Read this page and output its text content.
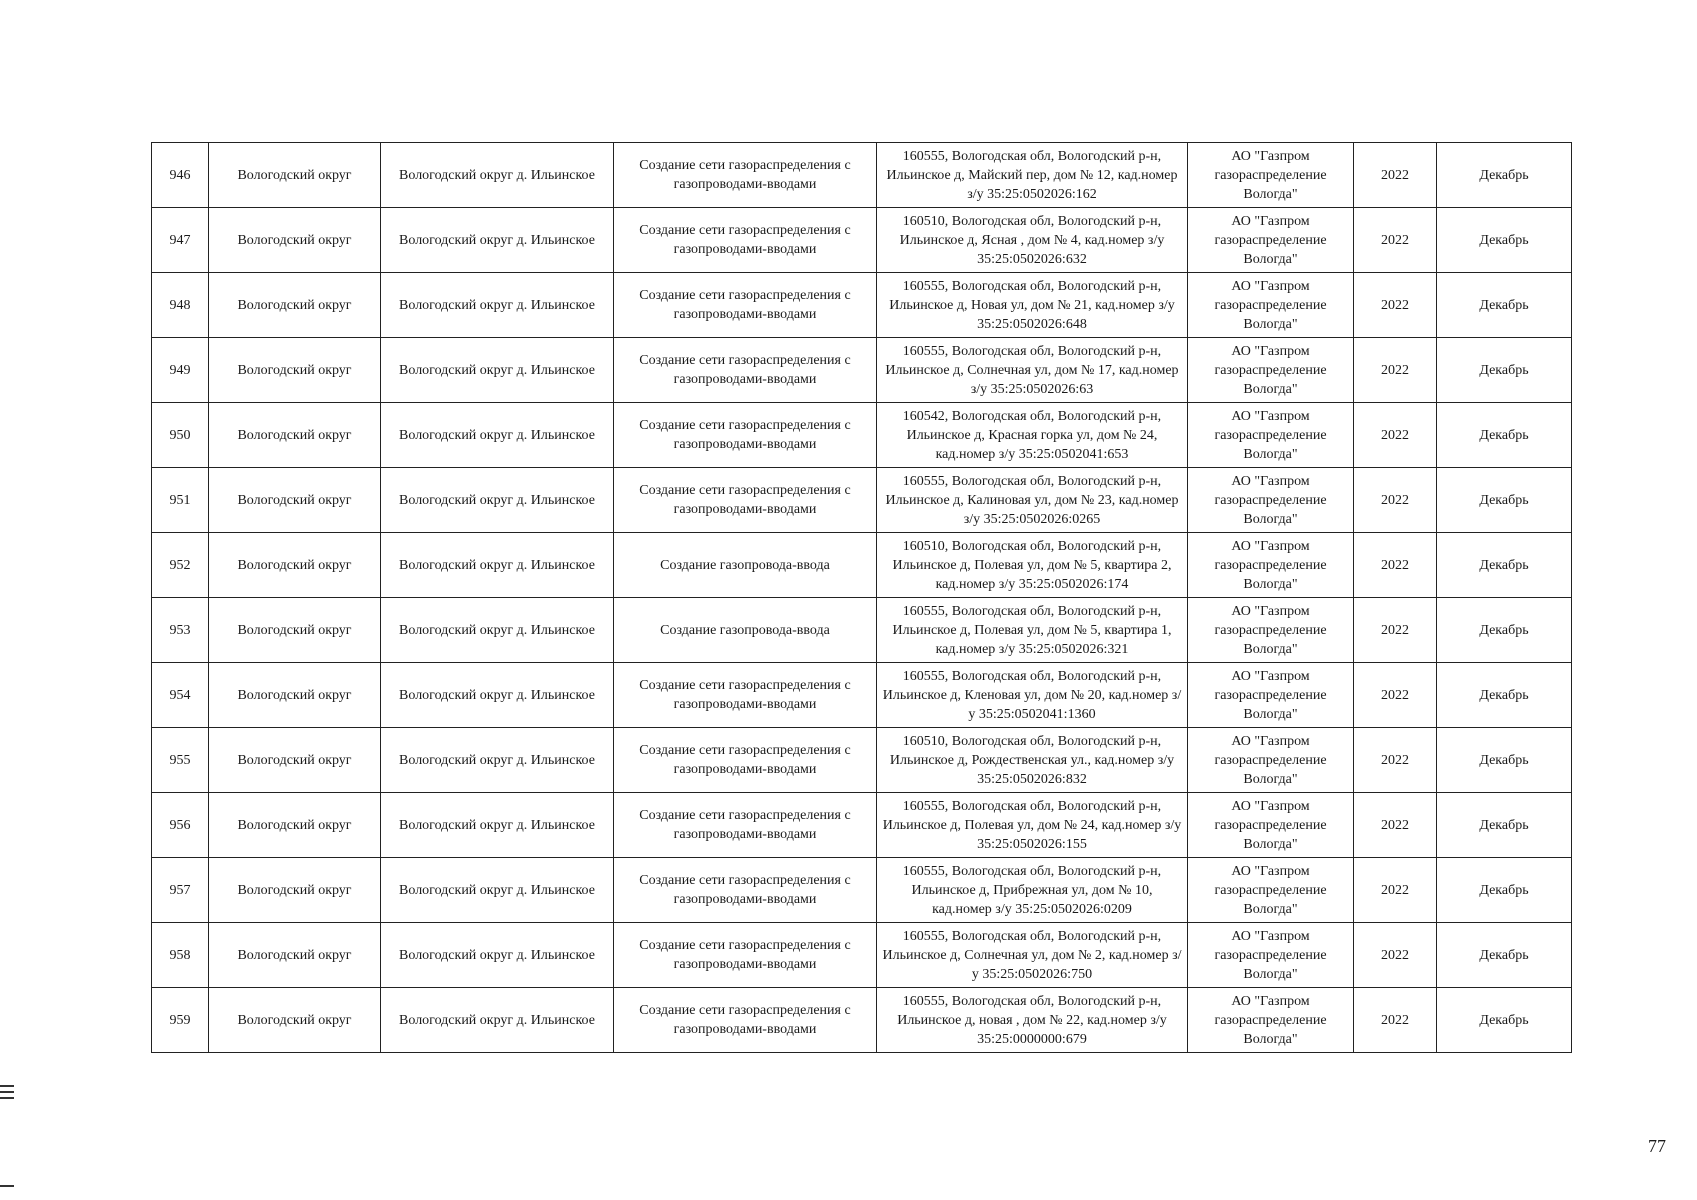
946	Вологодский округ	Вологодский округ д. Ильинское	Создание сети газораспределения с газопроводами-вводами	160555, Вологодская обл, Вологодский р-н, Ильинское д, Майский пер, дом № 12, кад.номер з/у 35:25:0502026:162	АО "Газпром газораспределение Вологда"	2022	Декабрь
947	Вологодский округ	Вологодский округ д. Ильинское	Создание сети газораспределения с газопроводами-вводами	160510, Вологодская обл, Вологодский р-н, Ильинское д, Ясная , дом № 4, кад.номер з/у 35:25:0502026:632	АО "Газпром газораспределение Вологда"	2022	Декабрь
948	Вологодский округ	Вологодский округ д. Ильинское	Создание сети газораспределения с газопроводами-вводами	160555, Вологодская обл, Вологодский р-н, Ильинское д, Новая ул, дом № 21, кад.номер з/у 35:25:0502026:648	АО "Газпром газораспределение Вологда"	2022	Декабрь
949	Вологодский округ	Вологодский округ д. Ильинское	Создание сети газораспределения с газопроводами-вводами	160555, Вологодская обл, Вологодский р-н, Ильинское д, Солнечная ул, дом № 17, кад.номер з/у 35:25:0502026:63	АО "Газпром газораспределение Вологда"	2022	Декабрь
950	Вологодский округ	Вологодский округ д. Ильинское	Создание сети газораспределения с газопроводами-вводами	160542, Вологодская обл, Вологодский р-н, Ильинское д, Красная горка ул, дом № 24, кад.номер з/у 35:25:0502041:653	АО "Газпром газораспределение Вологда"	2022	Декабрь
951	Вологодский округ	Вологодский округ д. Ильинское	Создание сети газораспределения с газопроводами-вводами	160555, Вологодская обл, Вологодский р-н, Ильинское д, Калиновая ул, дом № 23, кад.номер з/у 35:25:0502026:0265	АО "Газпром газораспределение Вологда"	2022	Декабрь
952	Вологодский округ	Вологодский округ д. Ильинское	Создание газопровода-ввода	160510, Вологодская обл, Вологодский р-н, Ильинское д, Полевая ул, дом № 5, квартира 2, кад.номер з/у 35:25:0502026:174	АО "Газпром газораспределение Вологда"	2022	Декабрь
953	Вологодский округ	Вологодский округ д. Ильинское	Создание газопровода-ввода	160555, Вологодская обл, Вологодский р-н, Ильинское д, Полевая ул, дом № 5, квартира 1, кад.номер з/у 35:25:0502026:321	АО "Газпром газораспределение Вологда"	2022	Декабрь
954	Вологодский округ	Вологодский округ д. Ильинское	Создание сети газораспределения с газопроводами-вводами	160555, Вологодская обл, Вологодский р-н, Ильинское д, Кленовая ул, дом № 20, кад.номер з/у 35:25:0502041:1360	АО "Газпром газораспределение Вологда"	2022	Декабрь
955	Вологодский округ	Вологодский округ д. Ильинское	Создание сети газораспределения с газопроводами-вводами	160510, Вологодская обл, Вологодский р-н, Ильинское д, Рождественская ул., кад.номер з/у 35:25:0502026:832	АО "Газпром газораспределение Вологда"	2022	Декабрь
956	Вологодский округ	Вологодский округ д. Ильинское	Создание сети газораспределения с газопроводами-вводами	160555, Вологодская обл, Вологодский р-н, Ильинское д, Полевая ул, дом № 24, кад.номер з/у 35:25:0502026:155	АО "Газпром газораспределение Вологда"	2022	Декабрь
957	Вологодский округ	Вологодский округ д. Ильинское	Создание сети газораспределения с газопроводами-вводами	160555, Вологодская обл, Вологодский р-н, Ильинское д, Прибрежная ул, дом № 10, кад.номер з/у 35:25:0502026:0209	АО "Газпром газораспределение Вологда"	2022	Декабрь
958	Вологодский округ	Вологодский округ д. Ильинское	Создание сети газораспределения с газопроводами-вводами	160555, Вологодская обл, Вологодский р-н, Ильинское д, Солнечная ул, дом № 2, кад.номер з/у 35:25:0502026:750	АО "Газпром газораспределение Вологда"	2022	Декабрь
959	Вологодский округ	Вологодский округ д. Ильинское	Создание сети газораспределения с газопроводами-вводами	160555, Вологодская обл, Вологодский р-н, Ильинское д, новая , дом № 22, кад.номер з/у 35:25:0000000:679	АО "Газпром газораспределение Вологда"	2022	Декабрь
77
